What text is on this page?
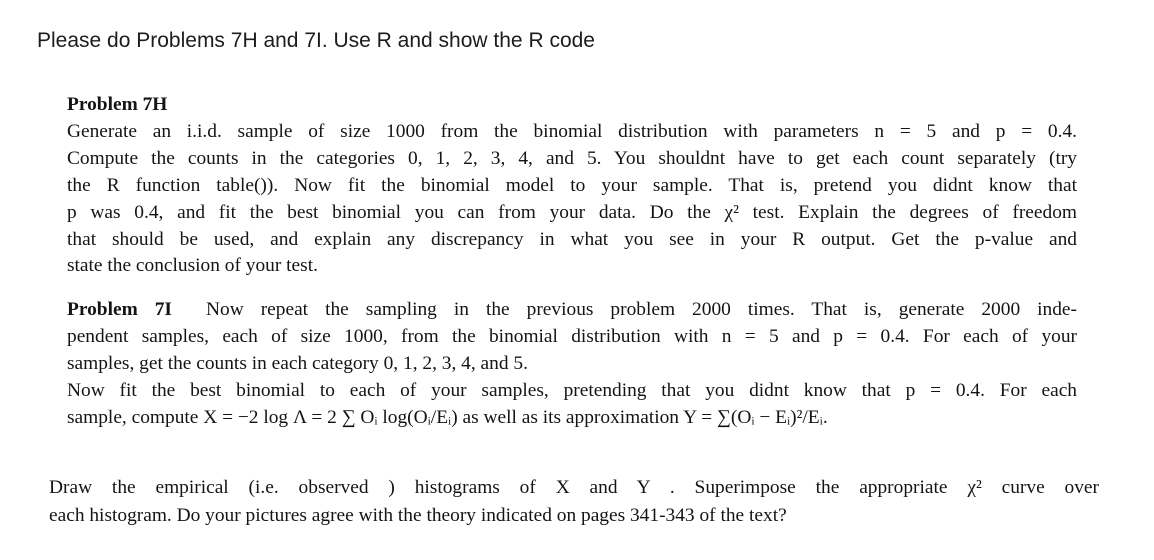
Please do Problems 7H and 7I. Use R and show the R code
Problem 7H
Generate an i.i.d. sample of size 1000 from the binomial distribution with parameters n = 5 and p = 0.4.
Compute the counts in the categories 0, 1, 2, 3, 4, and 5. You shouldnt have to get each count separately (try
the R function table()). Now fit the binomial model to your sample. That is, pretend you didnt know that
p was 0.4, and fit the best binomial you can from your data. Do the χ² test. Explain the degrees of freedom
that should be used, and explain any discrepancy in what you see in your R output. Get the p-value and
state the conclusion of your test.
Problem 7I Now repeat the sampling in the previous problem 2000 times. That is, generate 2000 inde-
pendent samples, each of size 1000, from the binomial distribution with n = 5 and p = 0.4. For each of your
samples, get the counts in each category 0, 1, 2, 3, 4, and 5.
Now fit the best binomial to each of your samples, pretending that you didnt know that p = 0.4. For each
sample, compute X = −2 log Λ = 2 ∑ Oᵢ log(Oᵢ/Eᵢ) as well as its approximation Y = ∑(Oᵢ − Eᵢ)²/Eᵢ.
Draw the empirical (i.e. observed ) histograms of X and Y . Superimpose the appropriate χ² curve over
each histogram. Do your pictures agree with the theory indicated on pages 341-343 of the text?
